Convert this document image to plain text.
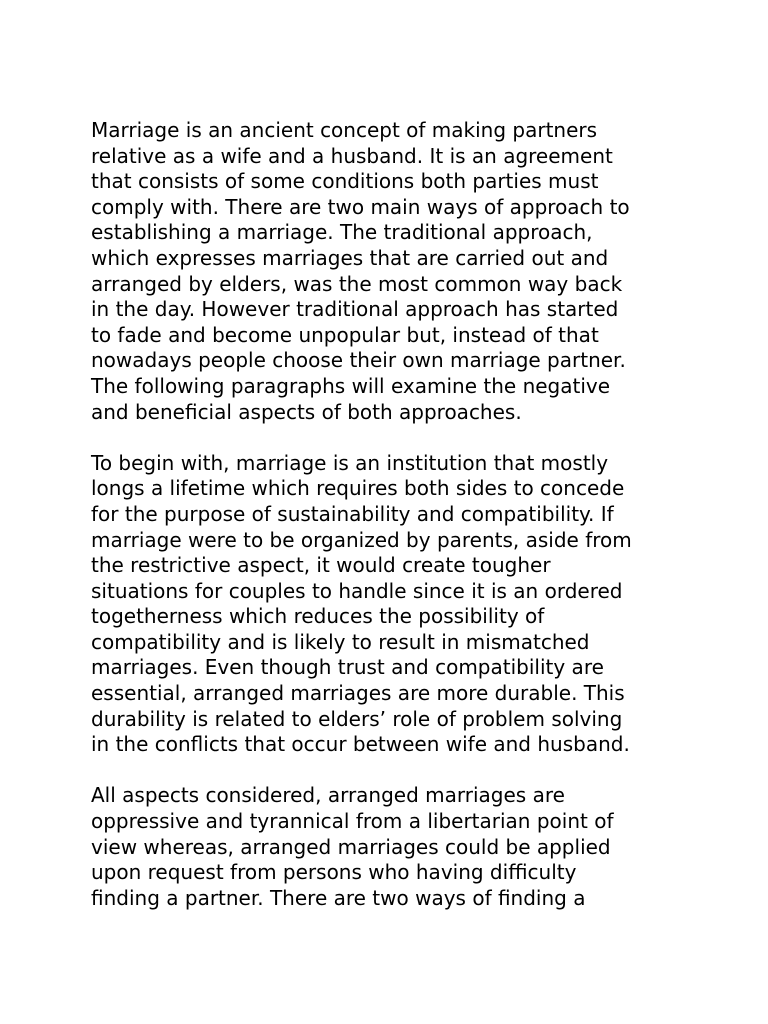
Marriage is an ancient concept of making partners
relative as a wife and a husband. It is an agreement
that consists of some conditions both parties must
comply with. There are two main ways of approach to
establishing a marriage. The traditional approach,
which expresses marriages that are carried out and
arranged by elders, was the most common way back
in the day. However traditional approach has started
to fade and become unpopular but, instead of that
nowadays people choose their own marriage partner.
The following paragraphs will examine the negative
and beneficial aspects of both approaches.

To begin with, marriage is an institution that mostly
longs a lifetime which requires both sides to concede
for the purpose of sustainability and compatibility. If
marriage were to be organized by parents, aside from
the restrictive aspect, it would create tougher
situations for couples to handle since it is an ordered
togetherness which reduces the possibility of
compatibility and is likely to result in mismatched
marriages. Even though trust and compatibility are
essential, arranged marriages are more durable. This
durability is related to elders’ role of problem solving
in the conflicts that occur between wife and husband.

All aspects considered, arranged marriages are
oppressive and tyrannical from a libertarian point of
view whereas, arranged marriages could be applied
upon request from persons who having difficulty
finding a partner. There are two ways of finding a
